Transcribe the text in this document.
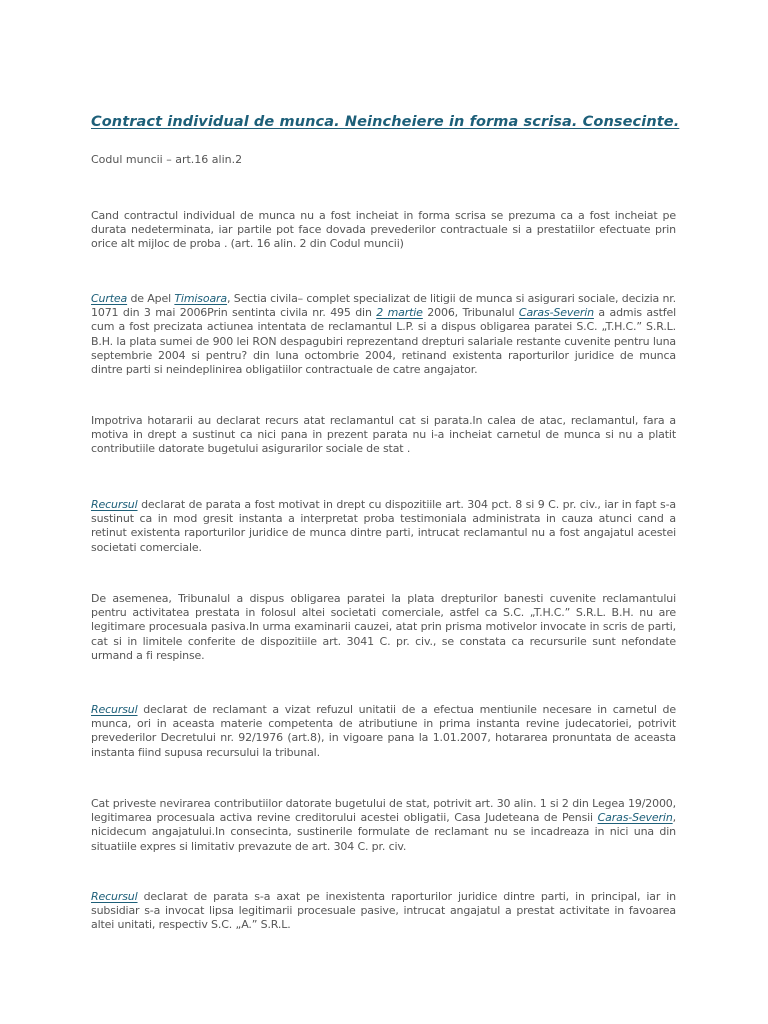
Contract individual de munca. Neincheiere in forma scrisa. Consecinte.

Codul muncii – art.16 alin.2

Cand contractul individual de munca nu a fost incheiat in forma scrisa se prezuma ca a fost incheiat pe durata nedeterminata, iar partile pot face dovada prevederilor contractuale si a prestatiilor efectuate prin orice alt mijloc de proba . (art. 16 alin. 2 din Codul muncii)

Curtea de Apel Timisoara, Sectia civila– complet specializat de litigii de munca si asigurari sociale, decizia nr. 1071 din 3 mai 2006Prin sentinta civila nr. 495 din 2 martie 2006, Tribunalul Caras-Severin a admis astfel cum a fost precizata actiunea intentata de reclamantul L.P. si a dispus obligarea paratei S.C. „T.H.C.” S.R.L. B.H. la plata sumei de 900 lei RON despagubiri reprezentand drepturi salariale restante cuvenite pentru luna septembrie 2004 si pentru? din luna octombrie 2004, retinand existenta raporturilor juridice de munca dintre parti si neindeplinirea obligatiilor contractuale de catre angajator.

Impotriva hotararii au declarat recurs atat reclamantul cat si parata.In calea de atac, reclamantul, fara a motiva in drept a sustinut ca nici pana in prezent parata nu i-a incheiat carnetul de munca si nu a platit contributiile datorate bugetului asigurarilor sociale de stat .

Recursul declarat de parata a fost motivat in drept cu dispozitiile art. 304 pct. 8 si 9 C. pr. civ., iar in fapt s-a sustinut ca in mod gresit instanta a interpretat proba testimoniala administrata in cauza atunci cand a retinut existenta raporturilor juridice de munca dintre parti, intrucat reclamantul nu a fost angajatul acestei societati comerciale.

De asemenea, Tribunalul a dispus obligarea paratei la plata drepturilor banesti cuvenite reclamantului pentru activitatea prestata in folosul altei societati comerciale, astfel ca S.C. „T.H.C.” S.R.L. B.H. nu are legitimare procesuala pasiva.In urma examinarii cauzei, atat prin prisma motivelor invocate in scris de parti, cat si in limitele conferite de dispozitiile art. 3041 C. pr. civ., se constata ca recursurile sunt nefondate urmand a fi respinse.

Recursul declarat de reclamant a vizat refuzul unitatii de a efectua mentiunile necesare in carnetul de munca, ori in aceasta materie competenta de atributiune in prima instanta revine judecatoriei, potrivit prevederilor Decretului nr. 92/1976 (art.8), in vigoare pana la 1.01.2007, hotararea pronuntata de aceasta instanta fiind supusa recursului la tribunal.

Cat priveste nevirarea contributiilor datorate bugetului de stat, potrivit art. 30 alin. 1 si 2 din Legea 19/2000, legitimarea procesuala activa revine creditorului acestei obligatii, Casa Judeteana de Pensii Caras-Severin, nicidecum angajatului.In consecinta, sustinerile formulate de reclamant nu se incadreaza in nici una din situatiile expres si limitativ prevazute de art. 304 C. pr. civ.

Recursul declarat de parata s-a axat pe inexistenta raporturilor juridice dintre parti, in principal, iar in subsidiar s-a invocat lipsa legitimarii procesuale pasive, intrucat angajatul a prestat activitate in favoarea altei unitati, respectiv S.C. „A.” S.R.L.
